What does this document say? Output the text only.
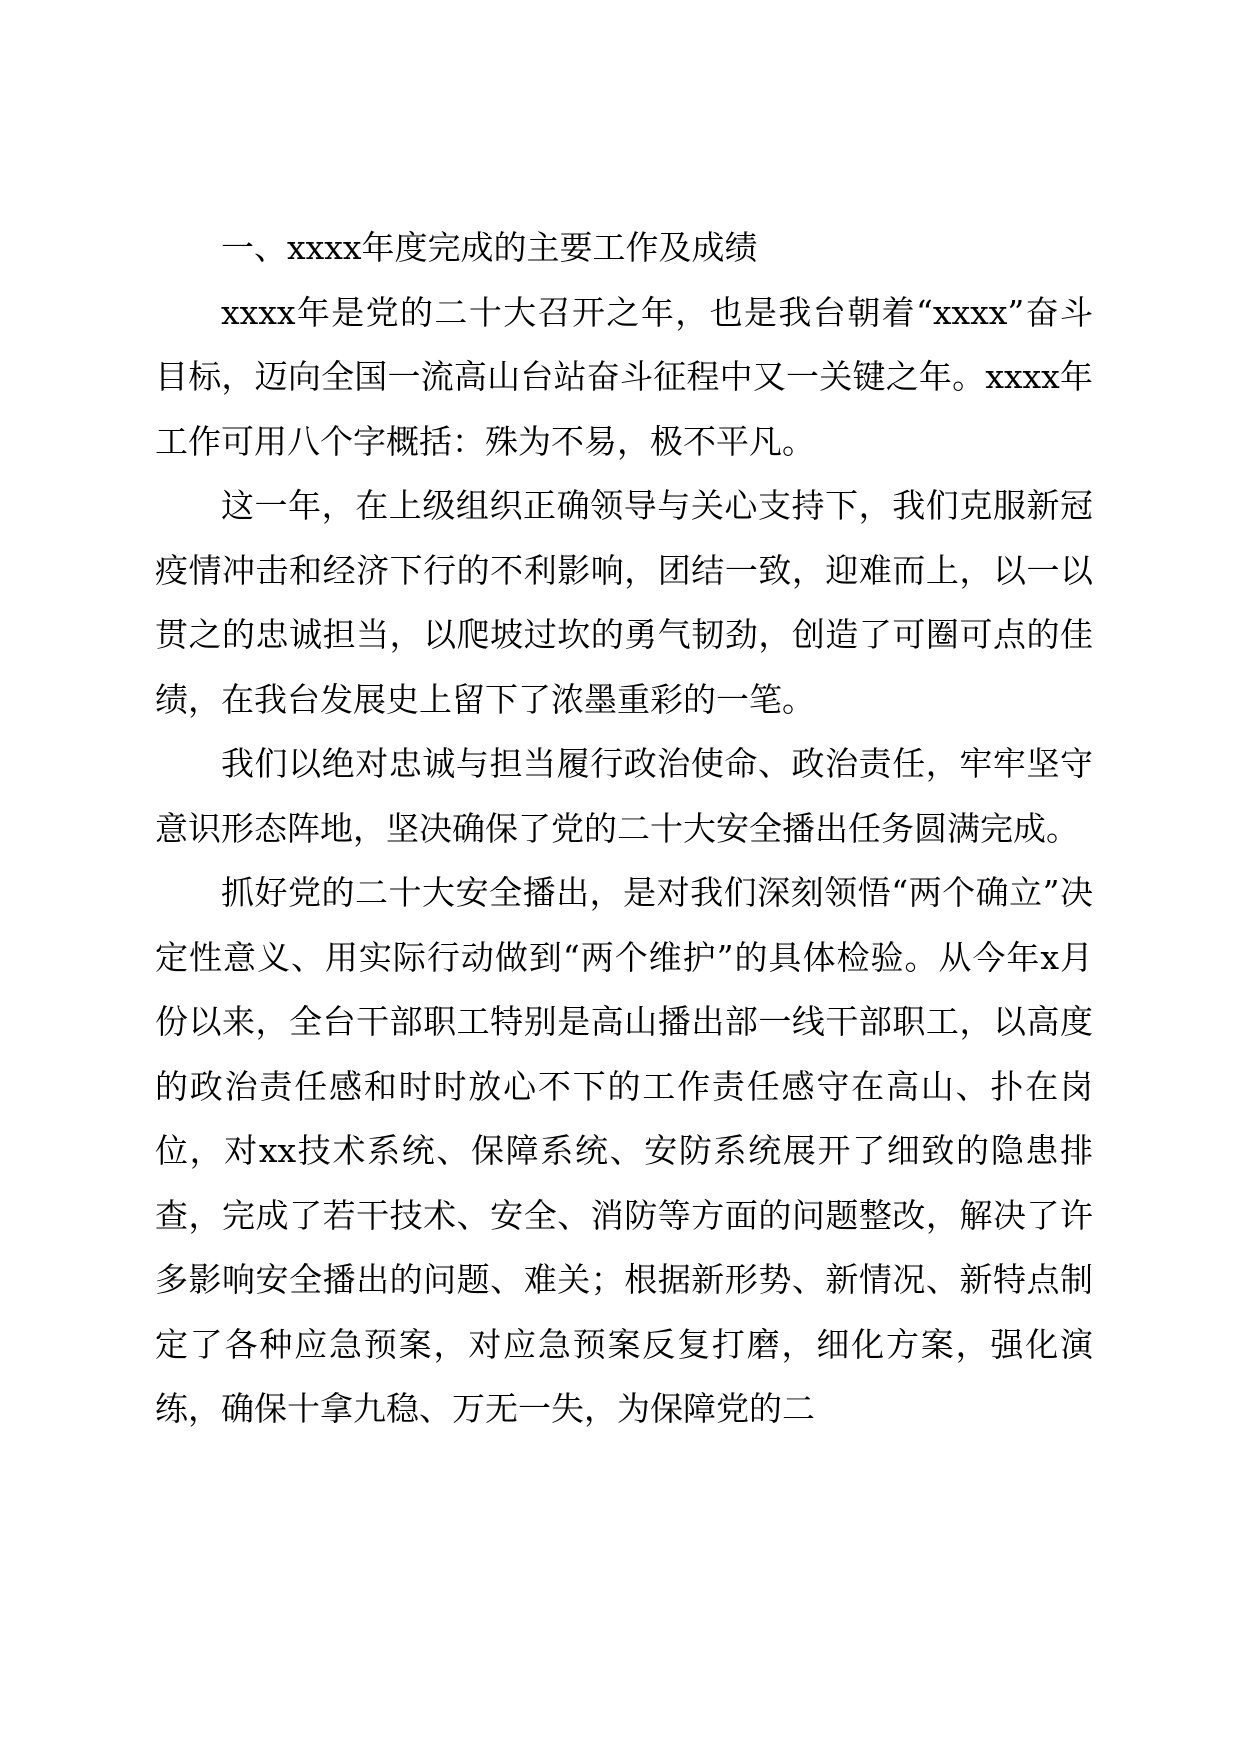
一、xxxx年度完成的主要工作及成绩

xxxx年是党的二十大召开之年，也是我台朝着“xxxx”奋斗目标，迈向全国一流高山台站奋斗征程中又一关键之年。xxxx年工作可用八个字概括：殊为不易，极不平凡。

这一年，在上级组织正确领导与关心支持下，我们克服新冠疫情冲击和经济下行的不利影响，团结一致，迎难而上，以一以贯之的忠诚担当，以爬坡过坎的勇气韧劲，创造了可圈可点的佳绩，在我台发展史上留下了浓墨重彩的一笔。

我们以绝对忠诚与担当履行政治使命、政治责任，牢牢坚守意识形态阵地，坚决确保了党的二十大安全播出任务圆满完成。

抓好党的二十大安全播出，是对我们深刻领悟“两个确立”决定性意义、用实际行动做到“两个维护”的具体检验。从今年x月份以来，全台干部职工特别是高山播出部一线干部职工，以高度的政治责任感和时时放心不下的工作责任感守在高山、扑在岗位，对xx技术系统、保障系统、安防系统展开了细致的隐患排查，完成了若干技术、安全、消防等方面的问题整改，解决了许多影响安全播出的问题、难关；根据新形势、新情况、新特点制定了各种应急预案，对应急预案反复打磨，细化方案，强化演练，确保十拿九稳、万无一失，为保障党的二
